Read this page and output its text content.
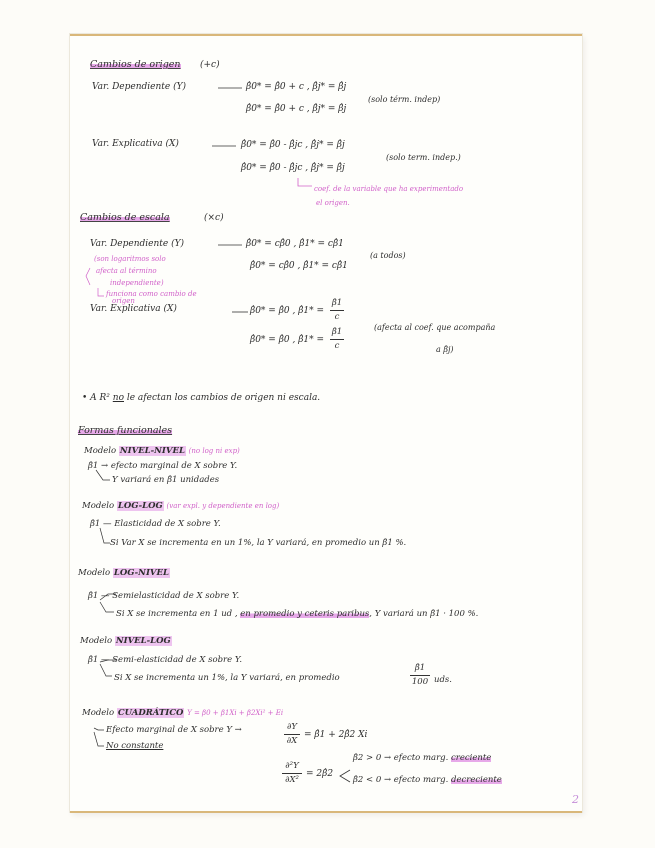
Cambios de origen (+c)
Var. Dependiente (Y)	β̂0* = β̂0 + c , β̂j* = β̂j
β̂0* = β̂0 + c , β̂j* = β̂j
(solo térm. indep)
Var. Explicativa (X)	β̂0* = β̂0 - β̂jc , β̂j* = β̂j
β̂0* = β̂0 - β̂jc , β̂j* = β̂j
(solo term. indep.)
coef. de la variable que ha experimentado
el origen.
Cambios de escala	(×c)
Var. Dependiente (Y)	β̂0* = cβ̂0 , β̂1* = cβ̂1
β̂0* = cβ̂0 , β̂1* = cβ̂1
(a todos)
(son logaritmos solo
afecta al término
independiente)
funciona como cambio de
origen
Var. Explicativa (X)	β̂0* = β̂0 , β̂1* =
β̂1
c
β̂0* = β̂0 , β̂1* =
β̂1
c
(afecta al coef. que acompaña
a β̂j)
• A R² no le afectan los cambios de origen ni escala.
Formas funcionales
Modelo NIVEL-NIVEL (no log ni exp)
β̂1 → efecto marginal de X sobre Y.
Y variará en β̂1 unidades
Modelo LOG-LOG (var expl. y dependiente en log)
β̂1 — Elasticidad de X sobre Y.
Si Var X se incrementa en un 1%, la Y variará, en promedio un β̂1 %.
Modelo LOG-NIVEL
β̂1 — Semielasticidad de X sobre Y.
Si X se incrementa en 1 ud , en promedio y ceteris paribus, Y variará un β̂1 · 100 %.
Modelo NIVEL-LOG
β̂1 — Semi-elasticidad de X sobre Y.
Si X se incrementa un 1%, la Y variará, en promedio
β̂1
100 uds.
Modelo CUADRÁTICO Y = β0 + β1Xi + β2Xi² + Ei
Efecto marginal de X sobre Y →
No constante
∂Y
∂X
= β̂1 + 2β̂2 Xi
∂²Y
∂X²
= 2β̂2
β̂2 > 0 → efecto marg. creciente
β̂2 < 0 → efecto marg. decreciente
2
